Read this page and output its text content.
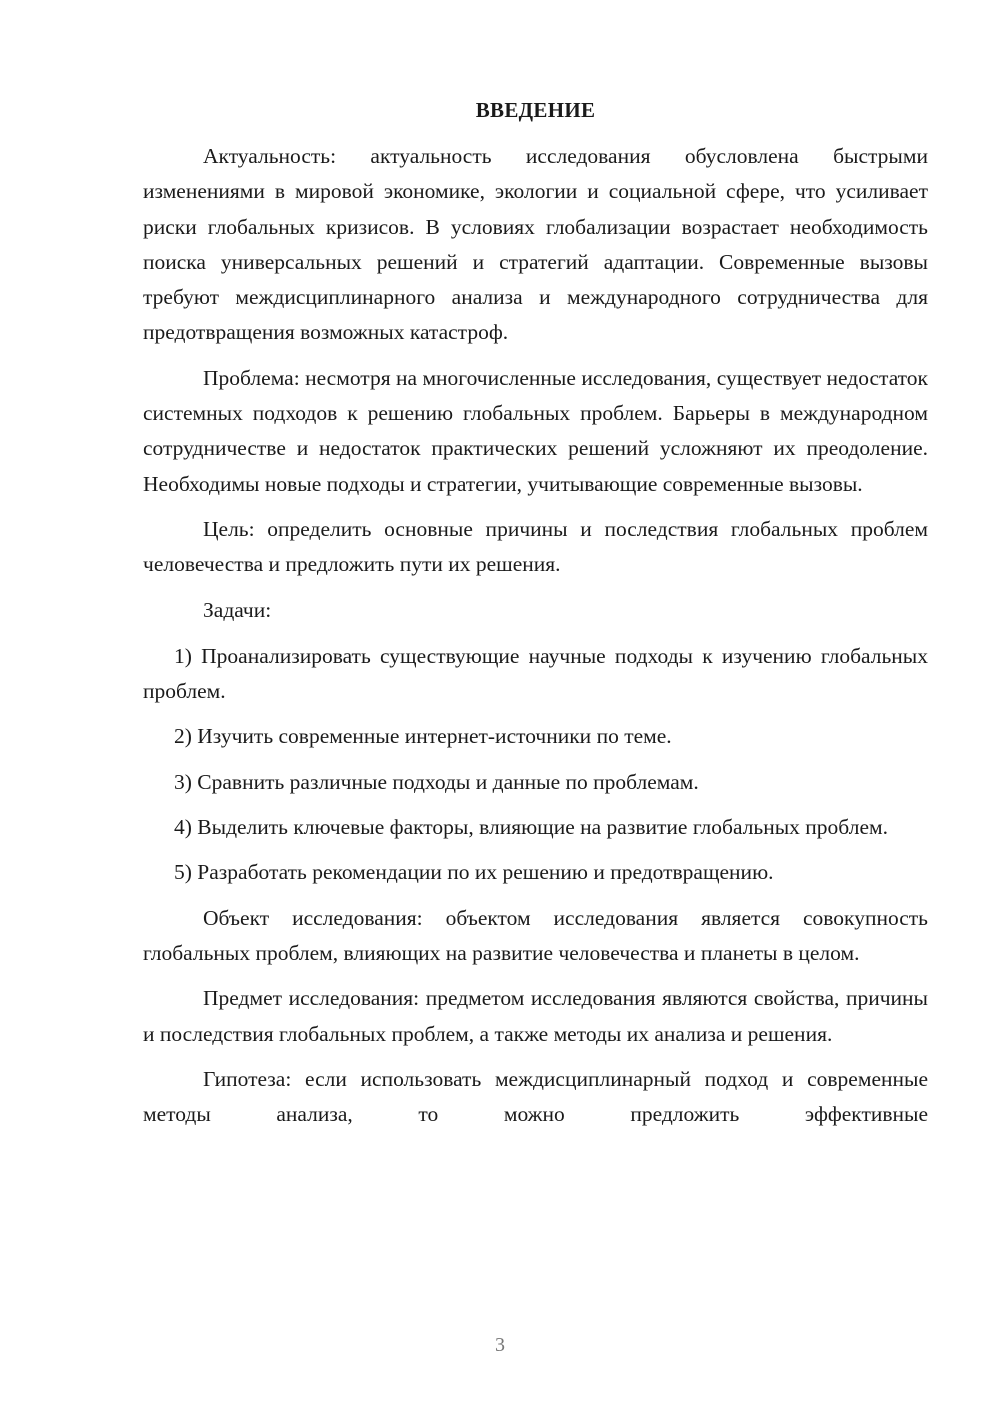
ВВЕДЕНИЕ

Актуальность: актуальность исследования обусловлена быстрыми изменениями в мировой экономике, экологии и социальной сфере, что усиливает риски глобальных кризисов. В условиях глобализации возрастает необходимость поиска универсальных решений и стратегий адаптации. Современные вызовы требуют междисциплинарного анализа и международного сотрудничества для предотвращения возможных катастроф.

Проблема: несмотря на многочисленные исследования, существует недостаток системных подходов к решению глобальных проблем. Барьеры в международном сотрудничестве и недостаток практических решений усложняют их преодоление. Необходимы новые подходы и стратегии, учитывающие современные вызовы.

Цель: определить основные причины и последствия глобальных проблем человечества и предложить пути их решения.

Задачи:

1) Проанализировать существующие научные подходы к изучению глобальных проблем.

2) Изучить современные интернет-источники по теме.

3) Сравнить различные подходы и данные по проблемам.

4) Выделить ключевые факторы, влияющие на развитие глобальных проблем.

5) Разработать рекомендации по их решению и предотвращению.

Объект исследования: объектом исследования является совокупность глобальных проблем, влияющих на развитие человечества и планеты в целом.

Предмет исследования: предметом исследования являются свойства, причины и последствия глобальных проблем, а также методы их анализа и решения.

Гипотеза: если использовать междисциплинарный подход и современные методы анализа, то можно предложить эффективные

3
